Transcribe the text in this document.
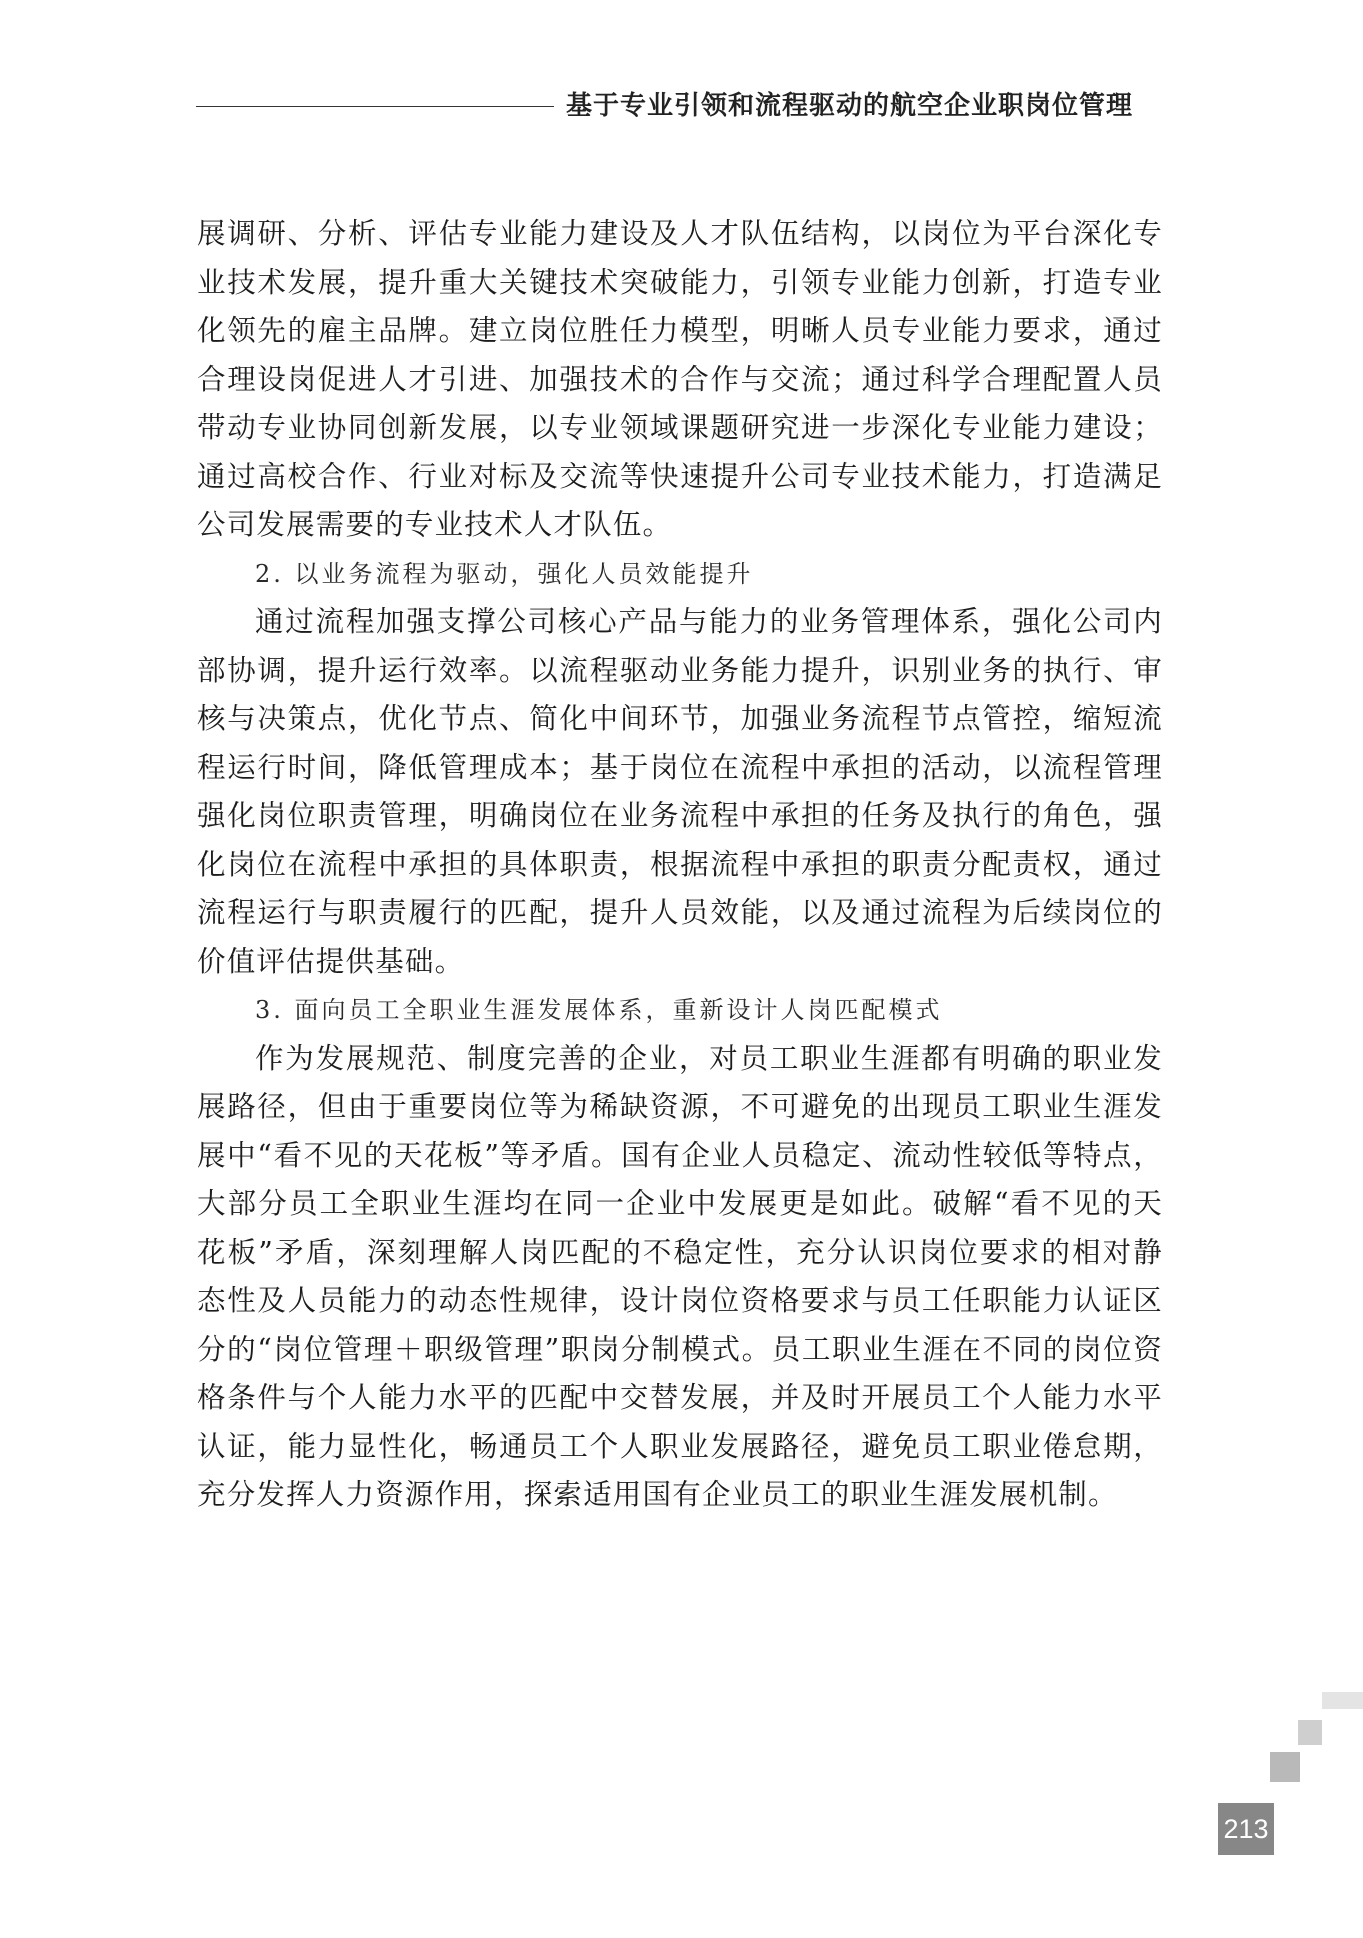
基于专业引领和流程驱动的航空企业职岗位管理

展调研、分析、评估专业能力建设及人才队伍结构，以岗位为平台深化专业技术发展，提升重大关键技术突破能力，引领专业能力创新，打造专业化领先的雇主品牌。建立岗位胜任力模型，明晰人员专业能力要求，通过合理设岗促进人才引进、加强技术的合作与交流；通过科学合理配置人员带动专业协同创新发展，以专业领域课题研究进一步深化专业能力建设；通过高校合作、行业对标及交流等快速提升公司专业技术能力，打造满足公司发展需要的专业技术人才队伍。

2. 以业务流程为驱动，强化人员效能提升

通过流程加强支撑公司核心产品与能力的业务管理体系，强化公司内部协调，提升运行效率。以流程驱动业务能力提升，识别业务的执行、审核与决策点，优化节点、简化中间环节，加强业务流程节点管控，缩短流程运行时间，降低管理成本；基于岗位在流程中承担的活动，以流程管理强化岗位职责管理，明确岗位在业务流程中承担的任务及执行的角色，强化岗位在流程中承担的具体职责，根据流程中承担的职责分配责权，通过流程运行与职责履行的匹配，提升人员效能，以及通过流程为后续岗位的价值评估提供基础。

3. 面向员工全职业生涯发展体系，重新设计人岗匹配模式

作为发展规范、制度完善的企业，对员工职业生涯都有明确的职业发展路径，但由于重要岗位等为稀缺资源，不可避免的出现员工职业生涯发展中“看不见的天花板”等矛盾。国有企业人员稳定、流动性较低等特点，大部分员工全职业生涯均在同一企业中发展更是如此。破解“看不见的天花板”矛盾，深刻理解人岗匹配的不稳定性，充分认识岗位要求的相对静态性及人员能力的动态性规律，设计岗位资格要求与员工任职能力认证区分的“岗位管理＋职级管理”职岗分制模式。员工职业生涯在不同的岗位资格条件与个人能力水平的匹配中交替发展，并及时开展员工个人能力水平认证，能力显性化，畅通员工个人职业发展路径，避免员工职业倦怠期，充分发挥人力资源作用，探索适用国有企业员工的职业生涯发展机制。

213
